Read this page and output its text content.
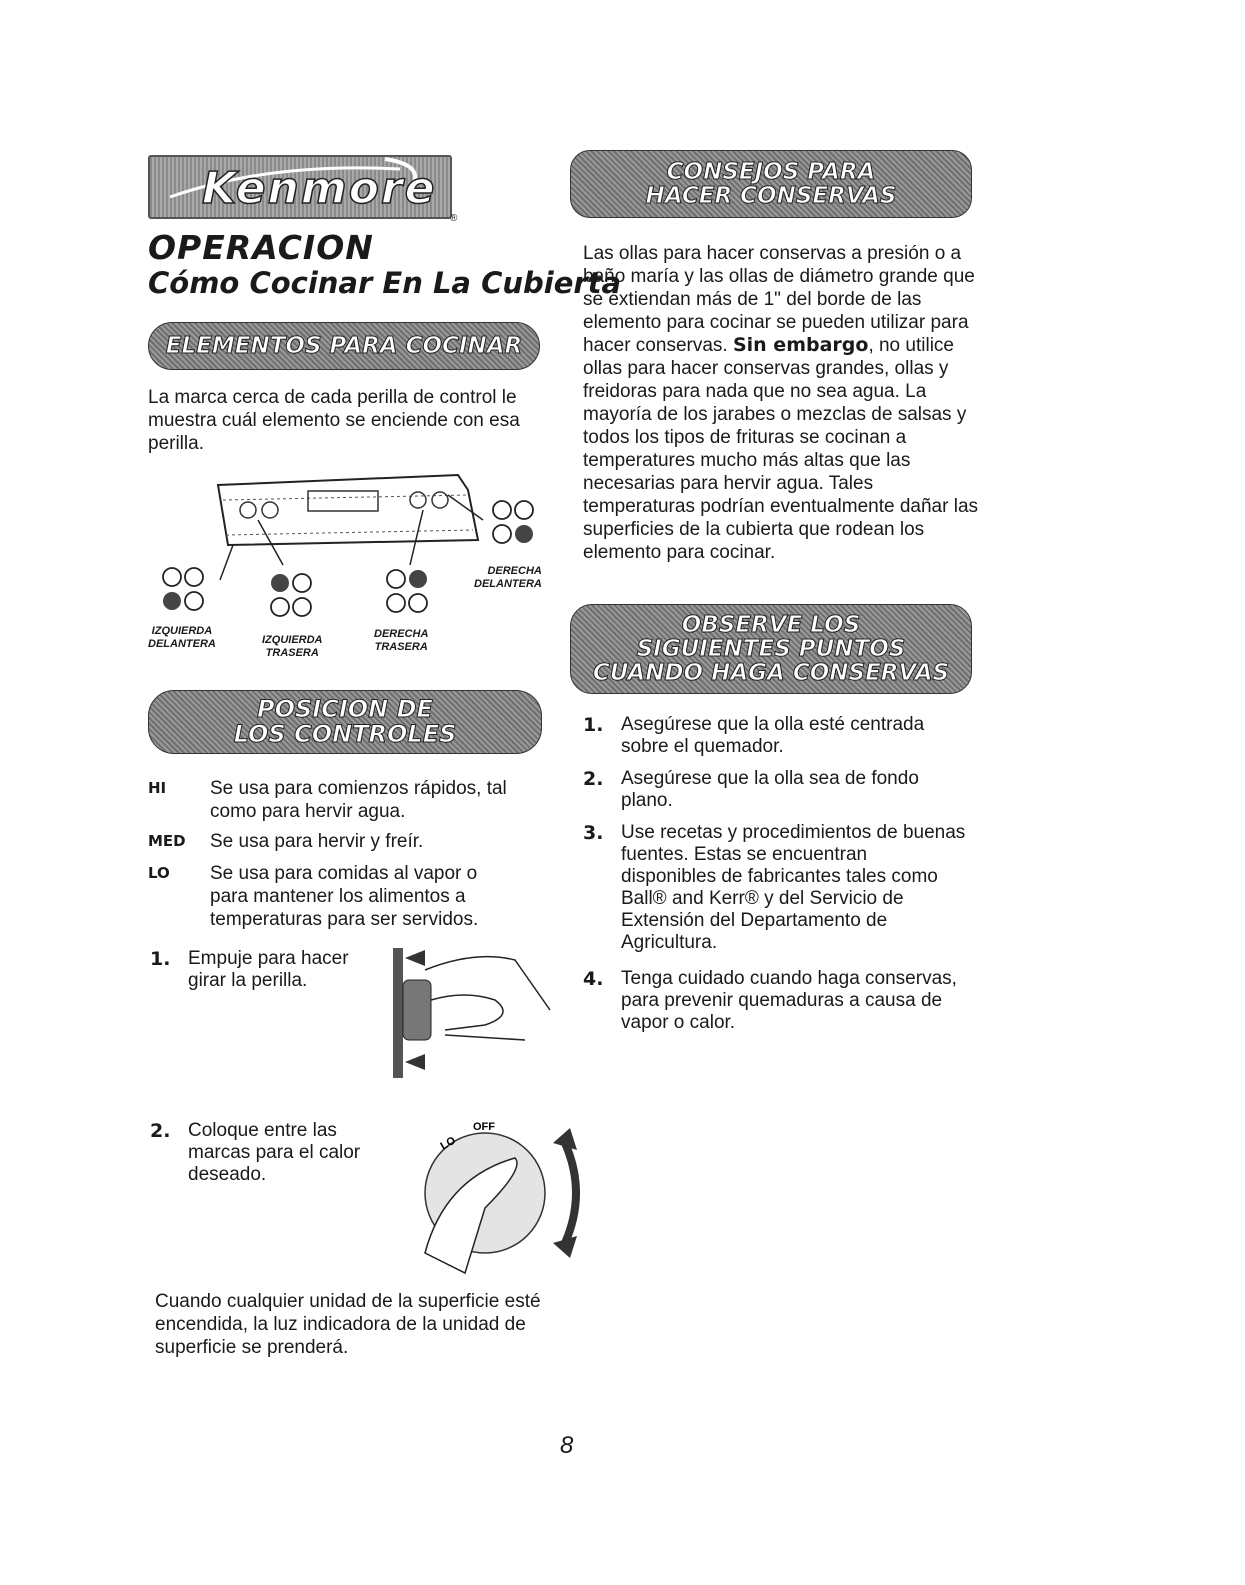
Kenmore
®
OPERACION
Cómo Cocinar En La Cubierta
ELEMENTOS PARA COCINAR
La marca cerca de cada perilla de control le muestra cuál elemento se enciende con esa perilla.
IZQUIERDA
DELANTERA	IZQUIERDA
TRASERA
DERECHA
TRASERA
DERECHA
DELANTERA
POSICION DE
LOS CONTROLES
HI Se usa para comienzos rápidos, tal como para hervir agua.
MED Se usa para hervir y freír.
LO Se usa para comidas al vapor o para mantener los alimentos a temperaturas para ser servidos.
1. Empuje para hacer girar la perilla.
2. Coloque entre las marcas para el calor deseado.
OFF
LO
Cuando cualquier unidad de la superficie esté encendida, la luz indicadora de la unidad de superficie se prenderá.
CONSEJOS PARA
HACER CONSERVAS
Las ollas para hacer conservas a presión o a baño maría y las ollas de diámetro grande que se extiendan más de 1" del borde de las elemento para cocinar se pueden utilizar para hacer conservas. Sin embargo, no utilice ollas para hacer conservas grandes, ollas y freidoras para nada que no sea agua. La mayoría de los jarabes o mezclas de salsas y todos los tipos de frituras se cocinan a temperatures mucho más altas que las necesarias para hervir agua. Tales temperaturas podrían eventualmente dañar las superficies de la cubierta que rodean los elemento para cocinar.
OBSERVE LOS
SIGUIENTES PUNTOS
CUANDO HAGA CONSERVAS
1. Asegúrese que la olla esté centrada sobre el quemador.
2. Asegúrese que la olla sea de fondo plano.
3. Use recetas y procedimientos de buenas fuentes. Estas se encuentran disponibles de fabricantes tales como Ball® and Kerr® y del Servicio de Extensión del Departamento de Agricultura.
4. Tenga cuidado cuando haga conservas, para prevenir quemaduras a causa de vapor o calor.
8
